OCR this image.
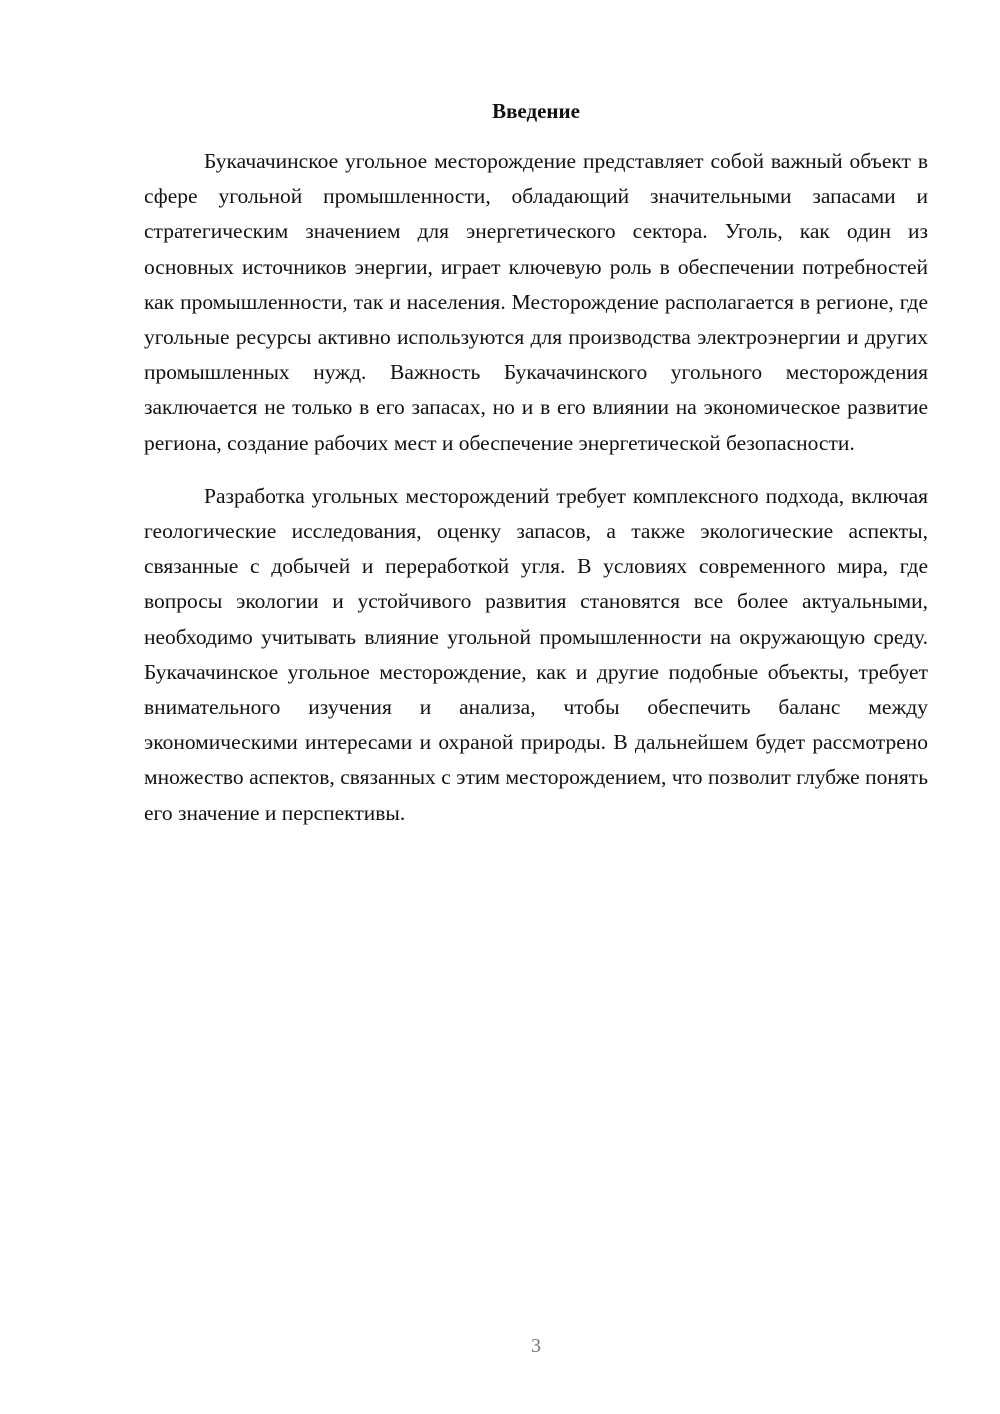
Введение

Букачачинское угольное месторождение представляет собой важный объект в сфере угольной промышленности, обладающий значительными запасами и стратегическим значением для энергетического сектора. Уголь, как один из основных источников энергии, играет ключевую роль в обеспечении потребностей как промышленности, так и населения. Месторождение располагается в регионе, где угольные ресурсы активно используются для производства электроэнергии и других промышленных нужд. Важность Букачачинского угольного месторождения заключается не только в его запасах, но и в его влиянии на экономическое развитие региона, создание рабочих мест и обеспечение энергетической безопасности.

Разработка угольных месторождений требует комплексного подхода, включая геологические исследования, оценку запасов, а также экологические аспекты, связанные с добычей и переработкой угля. В условиях современного мира, где вопросы экологии и устойчивого развития становятся все более актуальными, необходимо учитывать влияние угольной промышленности на окружающую среду. Букачачинское угольное месторождение, как и другие подобные объекты, требует внимательного изучения и анализа, чтобы обеспечить баланс между экономическими интересами и охраной природы. В дальнейшем будет рассмотрено множество аспектов, связанных с этим месторождением, что позволит глубже понять его значение и перспективы.

3
